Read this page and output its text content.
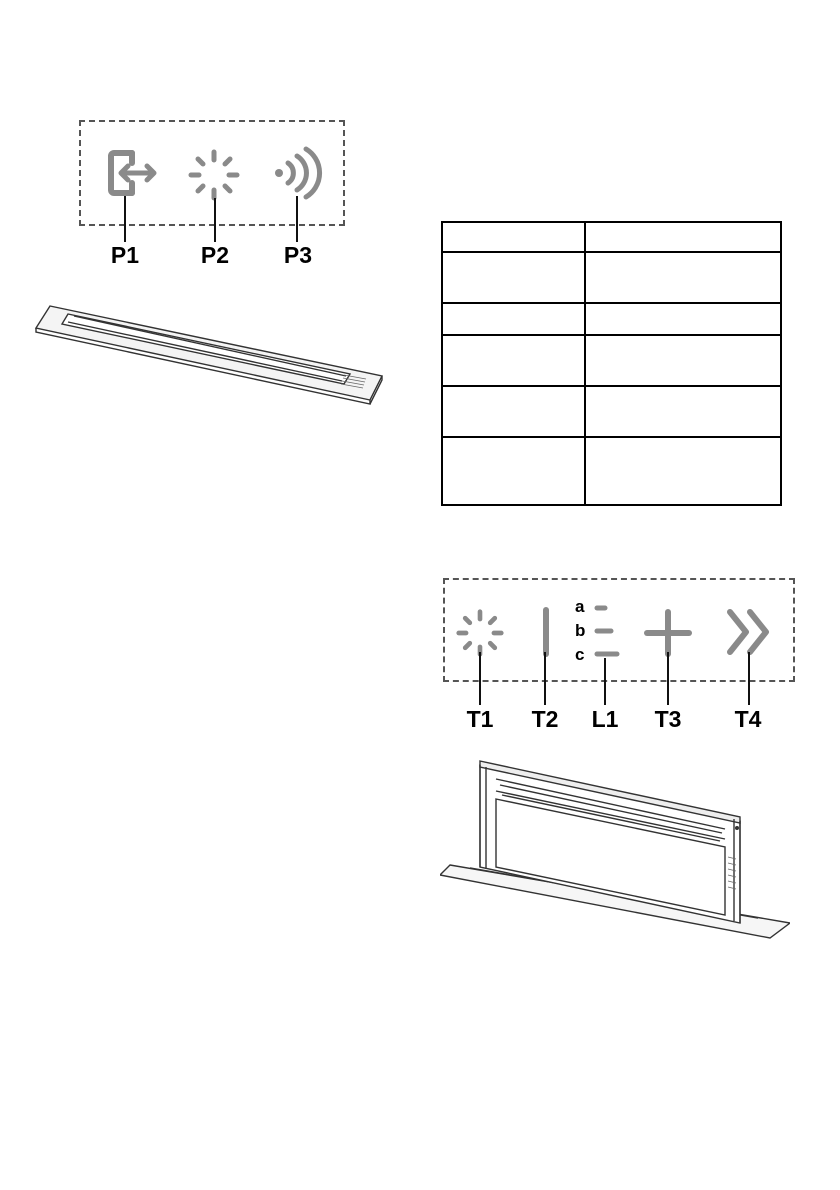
P1	P2 P3
a
b
c
T1 T2 L1 T3 T4
